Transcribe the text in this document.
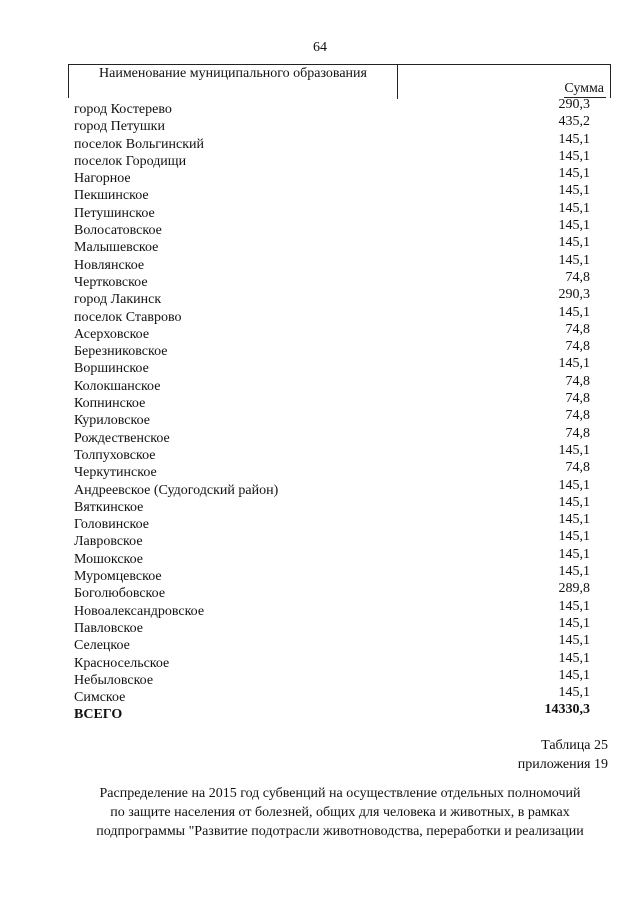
64
Наименование муниципального образования
Сумма
город Костерево	290,3
город Петушки	435,2
поселок Вольгинский	145,1
поселок Городищи	145,1
Нагорное	145,1
Пекшинское	145,1
Петушинское	145,1
Волосатовское	145,1
Малышевское	145,1
Новлянское	145,1
Чертковское	74,8
город Лакинск	290,3
поселок Ставрово	145,1
Асерховское	74,8
Березниковское	74,8
Воршинское	145,1
Колокшанское	74,8
Копнинское	74,8
Куриловское	74,8
Рождественское	74,8
Толпуховское	145,1
Черкутинское	74,8
Андреевское (Судогодский район)	145,1
Вяткинское	145,1
Головинское	145,1
Лавровское	145,1
Мошокское	145,1
Муромцевское	145,1
Боголюбовское	289,8
Новоалександровское	145,1
Павловское	145,1
Селецкое	145,1
Красносельское	145,1
Небыловское	145,1
Симское	145,1
ВСЕГО	14330,3
Таблица 25
приложения 19
Распределение на 2015 год субвенций на осуществление отдельных полномочий
по защите населения от болезней, общих для человека и животных, в рамках
подпрограммы "Развитие подотрасли животноводства, переработки и реализации
